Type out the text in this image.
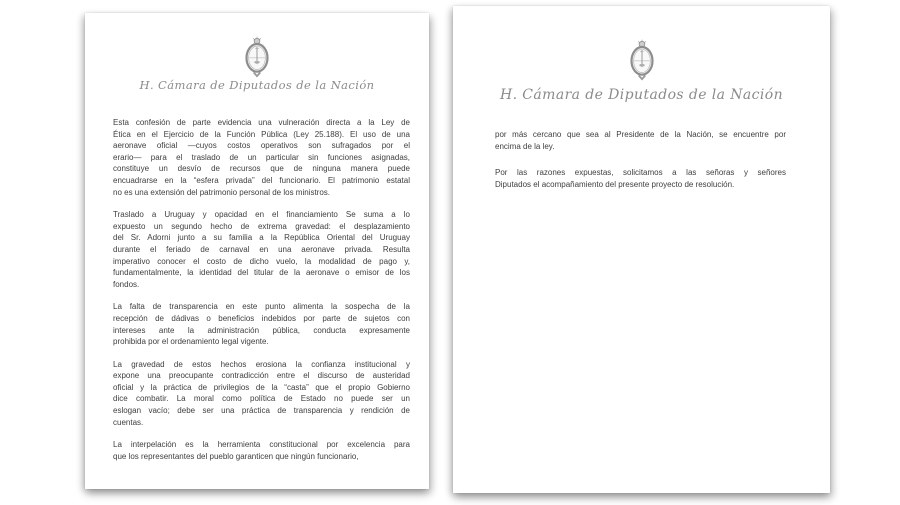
H. Cámara de Diputados de la Nación
Esta confesión de parte evidencia una vulneración directa a la Ley de
Ética en el Ejercicio de la Función Pública (Ley 25.188). El uso de una
aeronave oficial —cuyos costos operativos son sufragados por el
erario— para el traslado de un particular sin funciones asignadas,
constituye un desvío de recursos que de ninguna manera puede
encuadrarse en la “esfera privada” del funcionario. El patrimonio estatal
no es una extensión del patrimonio personal de los ministros.
Traslado a Uruguay y opacidad en el financiamiento Se suma a lo
expuesto un segundo hecho de extrema gravedad: el desplazamiento
del Sr. Adorni junto a su familia a la República Oriental del Uruguay
durante el feriado de carnaval en una aeronave privada. Resulta
imperativo conocer el costo de dicho vuelo, la modalidad de pago y,
fundamentalmente, la identidad del titular de la aeronave o emisor de los
fondos.
La falta de transparencia en este punto alimenta la sospecha de la
recepción de dádivas o beneficios indebidos por parte de sujetos con
intereses ante la administración pública, conducta expresamente
prohibida por el ordenamiento legal vigente.
La gravedad de estos hechos erosiona la confianza institucional y
expone una preocupante contradicción entre el discurso de austeridad
oficial y la práctica de privilegios de la “casta” que el propio Gobierno
dice combatir. La moral como política de Estado no puede ser un
eslogan vacío; debe ser una práctica de transparencia y rendición de
cuentas.
La interpelación es la herramienta constitucional por excelencia para
que los representantes del pueblo garanticen que ningún funcionario,
H. Cámara de Diputados de la Nación
por más cercano que sea al Presidente de la Nación, se encuentre por
encima de la ley.
Por las razones expuestas, solicitamos a las señoras y señores
Diputados el acompañamiento del presente proyecto de resolución.
